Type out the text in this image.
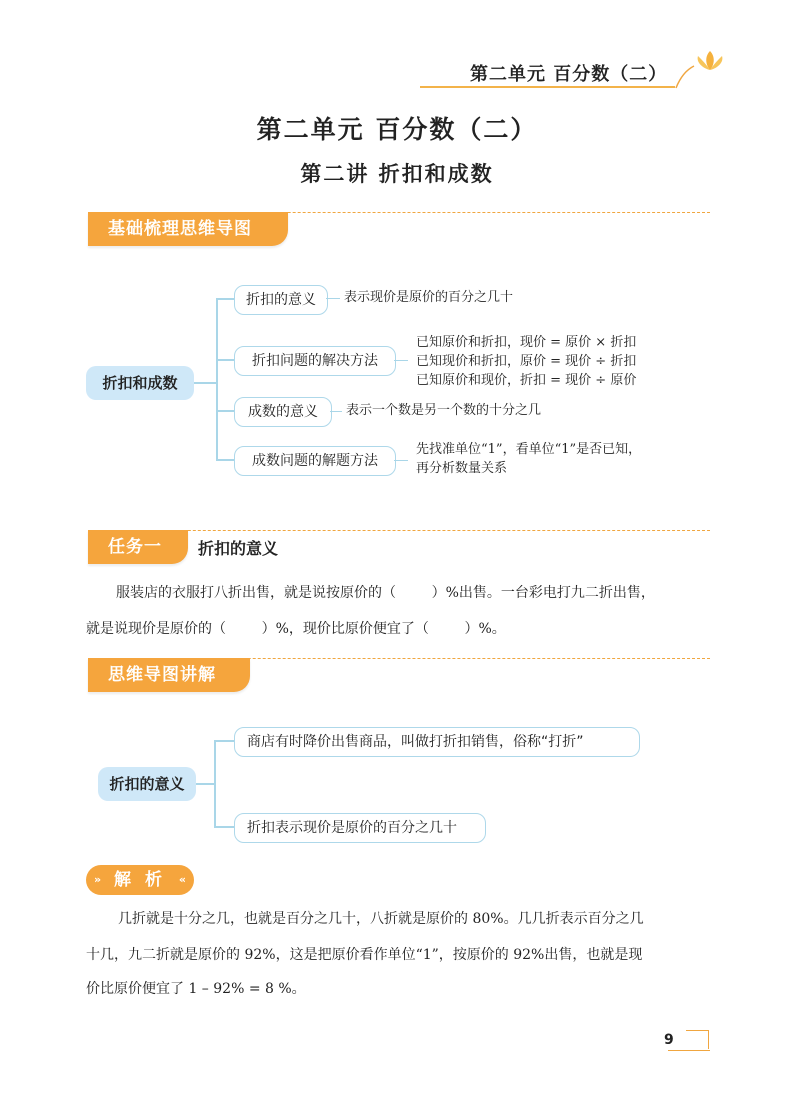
第二单元 百分数（二）
第二单元 百分数（二）
第二讲 折扣和成数
基础梳理思维导图
折扣和成数
折扣的意义	表示现价是原价的百分之几十
折扣问题的解决方法
已知原价和折扣，现价 = 原价 × 折扣
已知现价和折扣，原价 = 现价 ÷ 折扣
已知原价和现价，折扣 = 现价 ÷ 原价
成数的意义	表示一个数是另一个数的十分之几
成数问题的解题方法
先找准单位“1”，看单位“1”是否已知，
再分析数量关系
任务一	折扣的意义
服装店的衣服打八折出售，就是说按原价的（        ）%出售。一台彩电打九二折出售，
就是说现价是原价的（        ）%，现价比原价便宜了（        ）%。
思维导图讲解
折扣的意义
商店有时降价出售商品，叫做打折扣销售，俗称“打折”
折扣表示现价是原价的百分之几十
» 解 析 «
几折就是十分之几，也就是百分之几十，八折就是原价的 80%。几几折表示百分之几
十几，九二折就是原价的 92%，这是把原价看作单位“1”，按原价的 92%出售，也就是现
价比原价便宜了 1 – 92% = 8 %。
9
